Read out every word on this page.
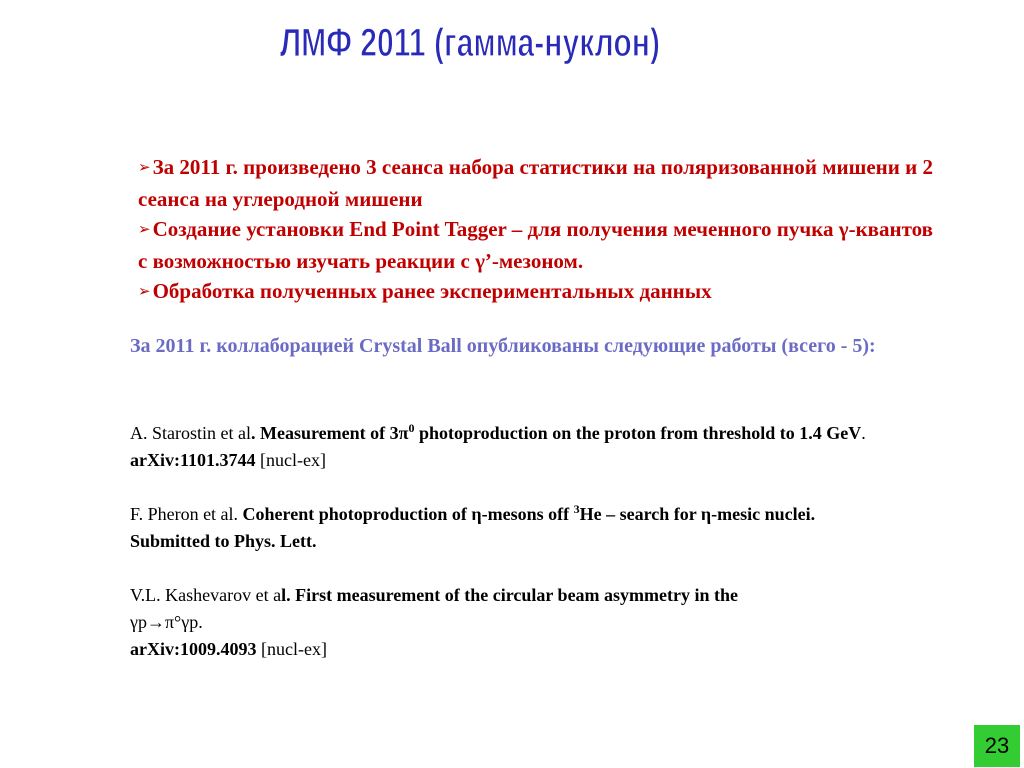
ЛМФ 2011 (гамма-нуклон)

➢За 2011 г. произведено 3 сеанса набора статистики на поляризованной мишени и 2 сеанса на углеродной мишени

➢Создание установки End Point Tagger – для получения меченного пучка γ-квантов с возможностью изучать реакции с γ’-мезоном.

➢Обработка полученных ранее экспериментальных данных

За 2011 г. коллаборацией Crystal Ball опубликованы следующие работы (всего - 5):

A. Starostin et al. Measurement of $3\pi^0$ photoproduction on the proton from threshold to 1.4 GeV.

arXiv:1101.3744 [nucl-ex]

F. Pheron et al. Coherent photoproduction of η-mesons off $^3$He – search for η-mesic nuclei.

Submitted to Phys. Lett.

V.L. Kashevarov et al. First measurement of the circular beam asymmetry in the
γp→π°γp.

arXiv:1009.4093 [nucl-ex]

23
